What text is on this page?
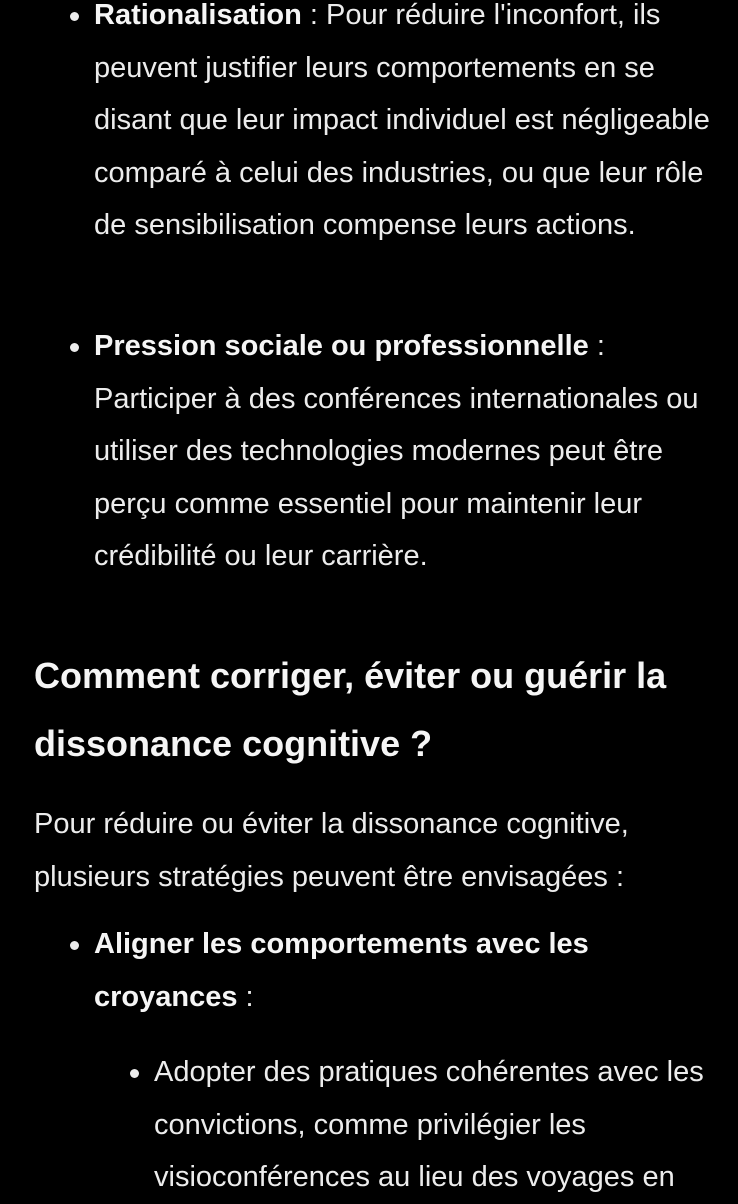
Rationalisation : Pour réduire l'inconfort, ils peuvent justifier leurs comportements en se disant que leur impact individuel est négligeable comparé à celui des industries, ou que leur rôle de sensibilisation compense leurs actions.
Pression sociale ou professionnelle : Participer à des conférences internationales ou utiliser des technologies modernes peut être perçu comme essentiel pour maintenir leur crédibilité ou leur carrière.
Comment corriger, éviter ou guérir la dissonance cognitive ?

Pour réduire ou éviter la dissonance cognitive, plusieurs stratégies peuvent être envisagées :

Aligner les comportements avec les croyances :
Adopter des pratiques cohérentes avec les convictions, comme privilégier les visioconférences au lieu des voyages en
